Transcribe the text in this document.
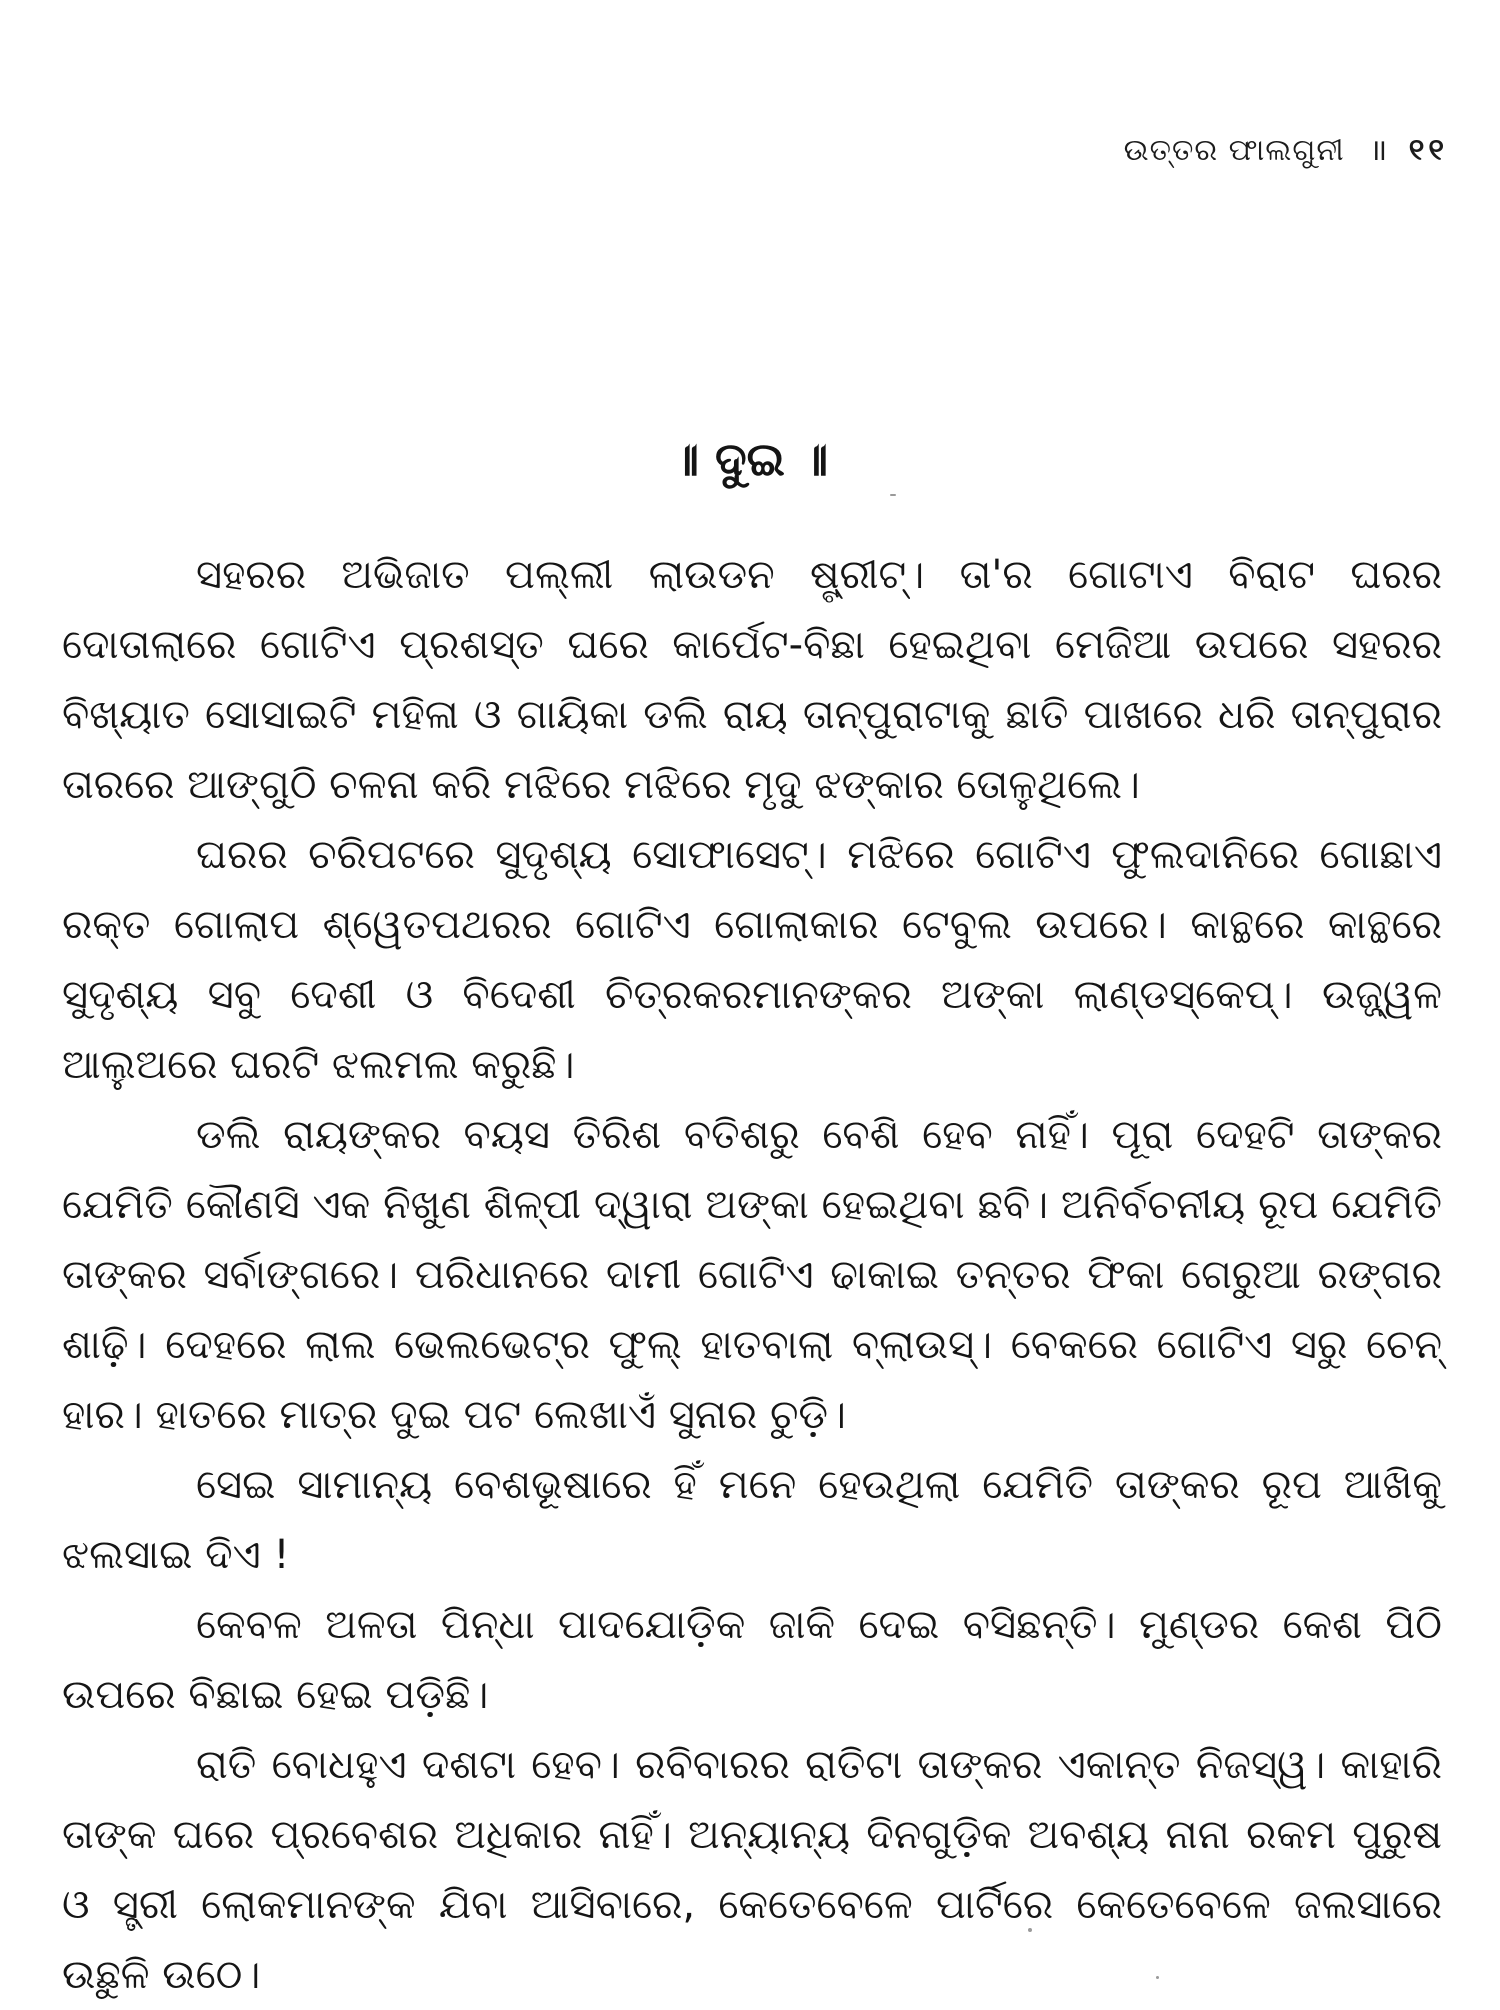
ଉତ୍ତର ଫାଲଗୁନୀ ॥ ୧୧
॥ ଦୁଇ ॥

ସହରର ଅଭିଜାତ ପଲ୍ଲୀ ଲାଉଡନ ଷ୍ଟ୍ରୀଟ୍। ତା'ର ଗୋଟାଏ ବିରାଟ ଘରର ଦୋତାଲାରେ ଗୋଟିଏ ପ୍ରଶସ୍ତ ଘରେ କାର୍ପେଟ-ବିଛା ହେଇଥିବା ମେଜିଆ ଉପରେ ସହରର ବିଖ୍ୟାତ ସୋସାଇଟି ମହିଳା ଓ ଗାୟିକା ଡଲି ରାୟ ତାନ୍‌ପୁରାଟାକୁ ଛାତି ପାଖରେ ଧରି ତାନ୍‌ପୁରାର ତାରରେ ଆଙ୍ଗୁଠି ଚଳନା କରି ମଝିରେ ମଝିରେ ମୃଦୁ ଝଙ୍କାର ତୋଳୁଥିଲେ।

ଘରର ଚରିପଟରେ ସୁଦୃଶ୍ୟ ସୋଫାସେଟ୍। ମଝିରେ ଗୋଟିଏ ଫୁଲଦାନିରେ ଗୋଛାଏ ରକ୍ତ ଗୋଲାପ ଶ୍ୱେତପଥରର ଗୋଟିଏ ଗୋଲାକାର ଟେବୁଲ ଉପରେ। କାନ୍ଥରେ କାନ୍ଥରେ ସୁଦୃଶ୍ୟ ସବୁ ଦେଶୀ ଓ ବିଦେଶୀ ଚିତ୍ରକରମାନଙ୍କର ଅଙ୍କା ଲାଣ୍ଡସ୍କେପ୍। ଉଜ୍ଜ୍ୱଳ ଆଲୁଅରେ ଘରଟି ଝଲମଲ କରୁଛି।

ଡଲି ରାୟଙ୍କର ବୟସ ତିରିଶ ବତିଶରୁ ବେଶି ହେବ ନାହିଁ। ପୂରା ଦେହଟି ତାଙ୍କର ଯେମିତି କୌଣସି ଏକ ନିଖୁଣ ଶିଳ୍ପୀ ଦ୍ୱାରା ଅଙ୍କା ହେଇଥିବା ଛବି। ଅନିର୍ବଚନୀୟ ରୂପ ଯେମିତି ତାଙ୍କର ସର୍ବାଙ୍ଗରେ। ପରିଧାନରେ ଦାମୀ ଗୋଟିଏ ଢାକାଇ ତନ୍ତର ଫିକା ଗେରୁଆ ରଙ୍ଗର ଶାଢ଼ି। ଦେହରେ ଲାଲ ଭେଲଭେଟ୍‌ର ଫୁଲ୍ ହାତବାଲା ବ୍ଲାଉସ୍। ବେକରେ ଗୋଟିଏ ସରୁ ଚେନ୍ ହାର। ହାତରେ ମାତ୍ର ଦୁଇ ପଟ ଲେଖାଏଁ ସୁନାର ଚୁଡ଼ି।

ସେଇ ସାମାନ୍ୟ ବେଶଭୂଷାରେ ହିଁ ମନେ ହେଉଥିଲା ଯେମିତି ତାଙ୍କର ରୂପ ଆଖିକୁ ଝଲସାଇ ଦିଏ !

କେବଳ ଅଳତା ପିନ୍ଧା ପାଦଯୋଡ଼ିକ ଜାକି ଦେଇ ବସିଛନ୍ତି। ମୁଣ୍ଡର କେଶ ପିଠି ଉପରେ ବିଛାଇ ହେଇ ପଡ଼ିଛି।

ରାତି ବୋଧହୁଏ ଦଶଟା ହେବ। ରବିବାରର ରାତିଟା ତାଙ୍କର ଏକାନ୍ତ ନିଜସ୍ୱ। କାହାରି ତାଙ୍କ ଘରେ ପ୍ରବେଶର ଅଧିକାର ନାହିଁ। ଅନ୍ୟାନ୍ୟ ଦିନଗୁଡ଼ିକ ଅବଶ୍ୟ ନାନା ରକମ ପୁରୁଷ ଓ ସ୍ତ୍ରୀ ଲୋକମାନଙ୍କ ଯିବା ଆସିବାରେ, କେତେବେଳେ ପାର୍ଟିରେ କେତେବେଳେ ଜଲସାରେ ଉଛୁଳି ଉଠେ।
